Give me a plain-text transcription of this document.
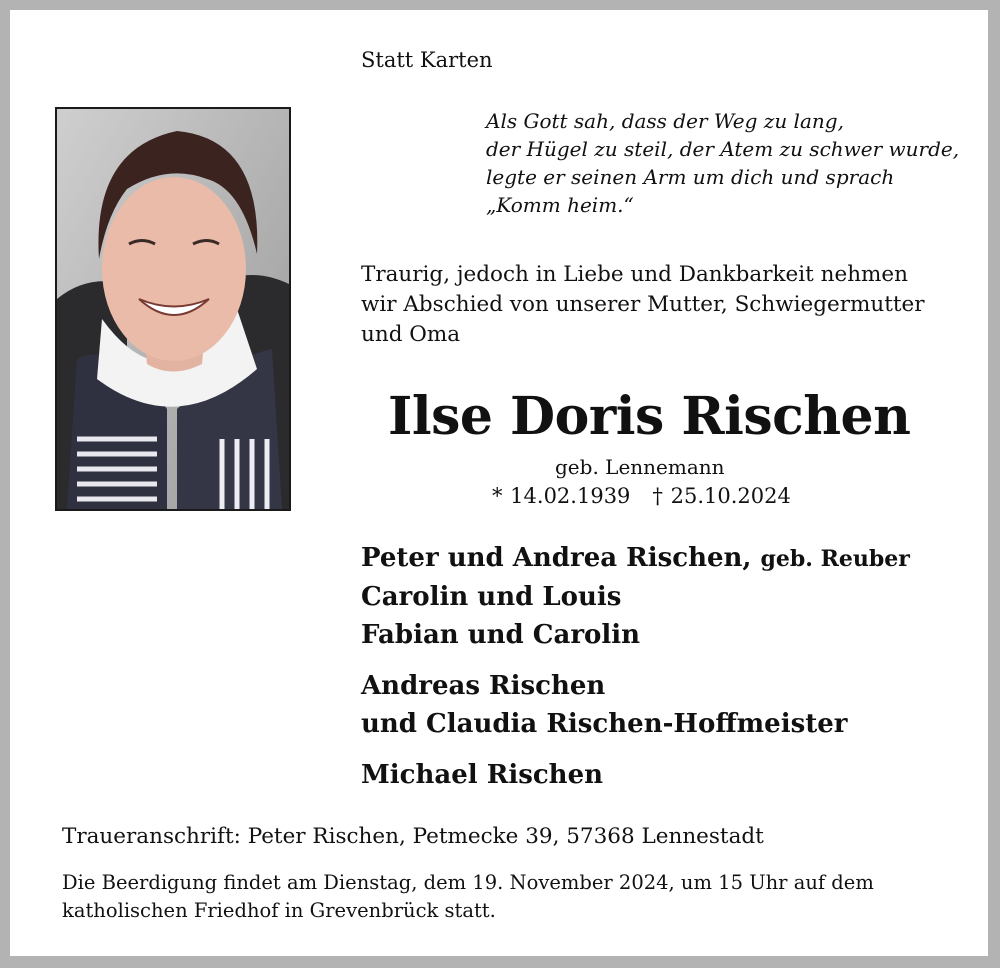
Statt Karten
Als Gott sah, dass der Weg zu lang,
der Hügel zu steil, der Atem zu schwer wurde,
legte er seinen Arm um dich und sprach
„Komm heim.“
Traurig, jedoch in Liebe und Dankbarkeit nehmen
wir Abschied von unserer Mutter, Schwiegermutter
und Oma
Ilse Doris Rischen
geb. Lennemann
* 14.02.1939 † 25.10.2024
Peter und Andrea Rischen, geb. Reuber
Carolin und Louis
Fabian und Carolin
Andreas Rischen
und Claudia Rischen-Hoffmeister
Michael Rischen
Traueranschrift: Peter Rischen, Petmecke 39, 57368 Lennestadt
Die Beerdigung findet am Dienstag, dem 19. November 2024, um 15 Uhr auf dem
katholischen Friedhof in Grevenbrück statt.
